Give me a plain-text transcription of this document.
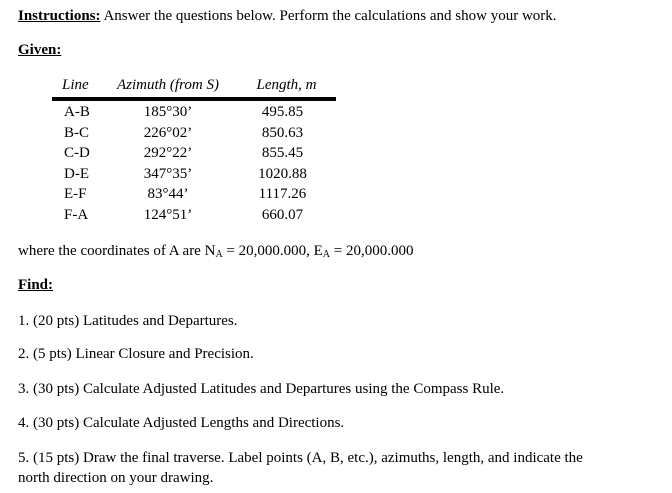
Instructions: Answer the questions below. Perform the calculations and show your work.
Given:
Line	Azimuth (from S)	Length, m
A-B	185°30’	495.85
B-C	226°02’	850.63
C-D	292°22’	855.45
D-E	347°35’	1020.88
E-F	83°44’	1117.26
F-A	124°51’	660.07
where the coordinates of A are $N_A = 20,000.000$, $E_A = 20,000.000$
Find:
1. (20 pts) Latitudes and Departures.
2. (5 pts) Linear Closure and Precision.
3. (30 pts) Calculate Adjusted Latitudes and Departures using the Compass Rule.
4. (30 pts) Calculate Adjusted Lengths and Directions.
5. (15 pts) Draw the final traverse. Label points (A, B, etc.), azimuths, length, and indicate the
north direction on your drawing.
